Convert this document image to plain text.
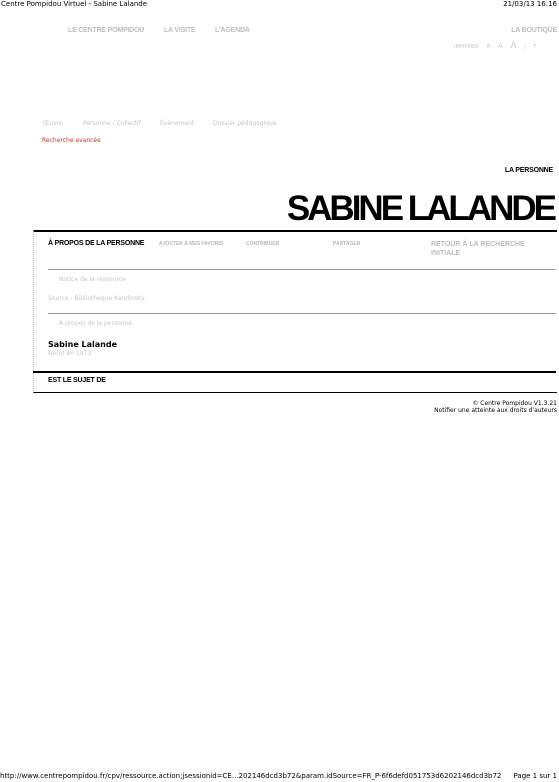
Centre Pompidou Virtuel - Sabine Lalande	21/03/13 16:16
LE CENTRE POMPIDOU	LA VISITE	L'AGENDA	LA BOUTIQUE
IMPRIMER A A A | F
Œuvre	Personne / Collectif	Événement	Dossier pédagogique
Recherche avancée
LA PERSONNE
SABINE LALANDE
À PROPOS DE LA PERSONNE	AJOUTER À MES FAVORIS	CONTRIBUER	PARTAGER	RETOUR À LA RECHERCHE INITIALE
Notice de la ressource
Source : Bibliothèque Kandinsky
À propos de la personne
Sabine Lalande
Né(e) en 1973
EST LE SUJET DE
© Centre Pompidou V1.3.21
Notifier une atteinte aux droits d'auteurs
http://www.centrepompidou.fr/cpv/ressource.action;jsessionid=CE...202146dcd3b72&param.idSource=FR_P-6f6defd051753d6202146dcd3b72 Page 1 sur 1
